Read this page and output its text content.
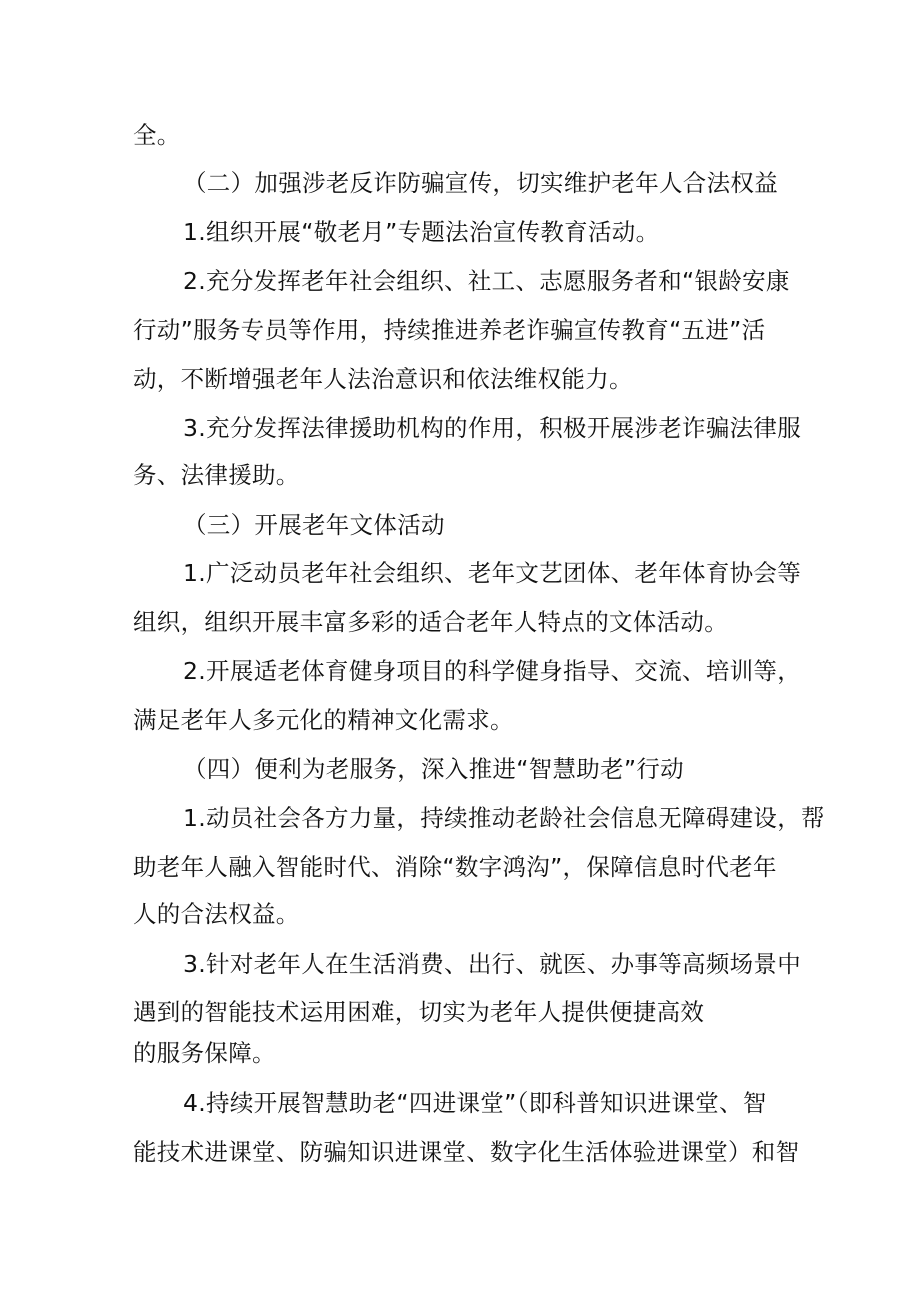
全。
（二）加强涉老反诈防骗宣传，切实维护老年人合法权益
1.组织开展“敬老月”专题法治宣传教育活动。
2.充分发挥老年社会组织、社工、志愿服务者和“银龄安康
行动”服务专员等作用，持续推进养老诈骗宣传教育“五进”活
动，不断增强老年人法治意识和依法维权能力。
3.充分发挥法律援助机构的作用，积极开展涉老诈骗法律服
务、法律援助。
（三）开展老年文体活动
1.广泛动员老年社会组织、老年文艺团体、老年体育协会等
组织，组织开展丰富多彩的适合老年人特点的文体活动。
2.开展适老体育健身项目的科学健身指导、交流、培训等，
满足老年人多元化的精神文化需求。
（四）便利为老服务，深入推进“智慧助老”行动
1.动员社会各方力量，持续推动老龄社会信息无障碍建设，帮
助老年人融入智能时代、消除“数字鸿沟”，保障信息时代老年
人的合法权益。
3.针对老年人在生活消费、出行、就医、办事等高频场景中
遇到的智能技术运用困难，切实为老年人提供便捷高效
的服务保障。
4.持续开展智慧助老“四进课堂”（即科普知识进课堂、智
能技术进课堂、防骗知识进课堂、数字化生活体验进课堂）和智
